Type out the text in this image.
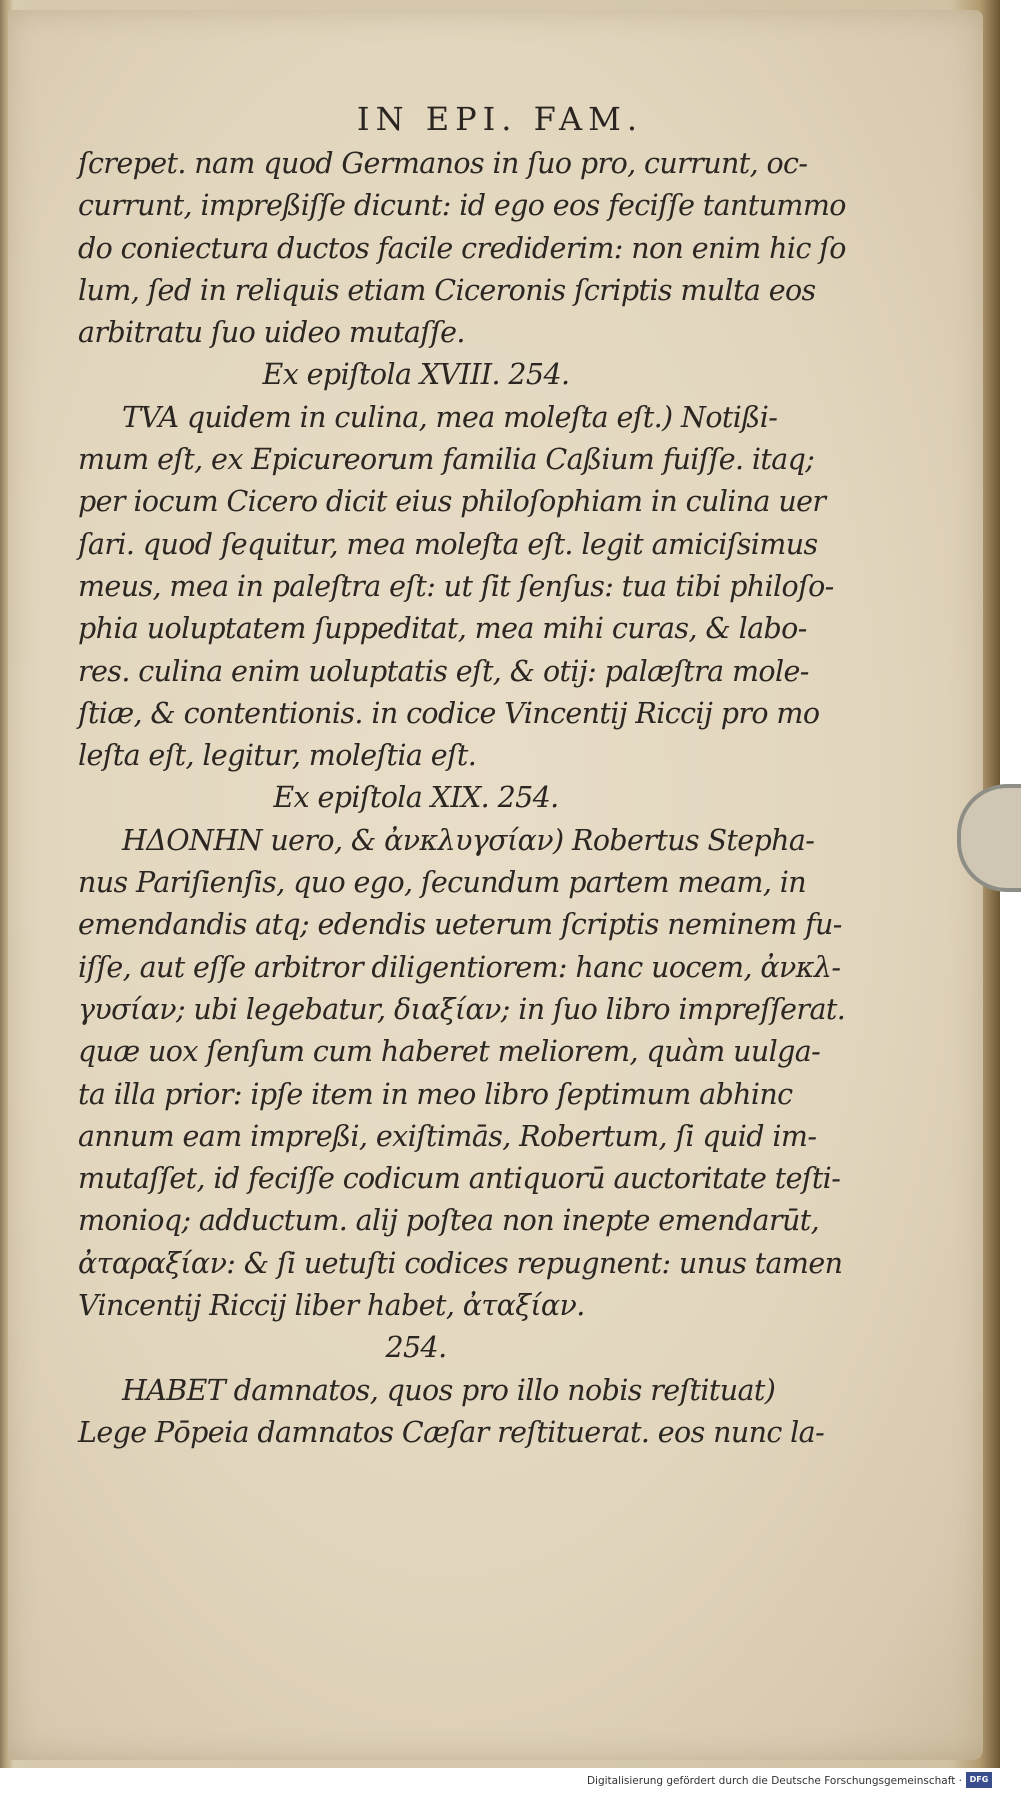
IN EPI. FAM.
ſcrepet. nam quod Germanos in ſuo pro, currunt, oc-
currunt, impreßiſſe dicunt: id ego eos feciſſe tantummo
do coniectura ductos facile crediderim: non enim hic ſo
lum, ſed in reliquis etiam Ciceronis ſcriptis multa eos
arbitratu ſuo uideo mutaſſe.
Ex epiſtola XVIII. 254.
TVA quidem in culina, mea moleſta eſt.) Notißi-
mum eſt, ex Epicureorum familia Caßium fuiſſe. itaq;
per iocum Cicero dicit eius philoſophiam in culina uer
ſari. quod ſequitur, mea moleſta eſt. legit amiciſsimus
meus, mea in paleſtra eſt: ut ſit ſenſus: tua tibi philoſo-
phia uoluptatem ſuppeditat, mea mihi curas, & labo-
res. culina enim uoluptatis eſt, & otij: palæſtra mole-
ſtiæ, & contentionis. in codice Vincentij Riccij pro mo
leſta eſt, legitur, moleſtia eſt.
Ex epiſtola XIX. 254.
ΗΔΟΝΗΝ uero, & ἀνκλυγσίαν) Robertus Stepha-
nus Pariſienſis, quo ego, ſecundum partem meam, in
emendandis atq; edendis ueterum ſcriptis neminem fu-
iſſe, aut eſſe arbitror diligentiorem: hanc uocem, ἀνκλ-
γυσίαν; ubi legebatur, διαξίαν; in ſuo libro impreſſerat.
quæ uox ſenſum cum haberet meliorem, quàm uulga-
ta illa prior: ipſe item in meo libro ſeptimum abhinc
annum eam impreßi, exiſtimās, Robertum, ſi quid im-
mutaſſet, id feciſſe codicum antiquorū auctoritate teſti-
monioq; adductum. alij poſtea non inepte emendarūt,
ἀταραξίαν: & ſi uetuſti codices repugnent: unus tamen
Vincentij Riccij liber habet, ἀταξίαν.
254.
HABET damnatos, quos pro illo nobis reſtituat)
Lege Pōpeia damnatos Cæſar reſtituerat. eos nunc la-
Digitalisierung gefördert durch die Deutsche Forschungsgemeinschaft · DFG
